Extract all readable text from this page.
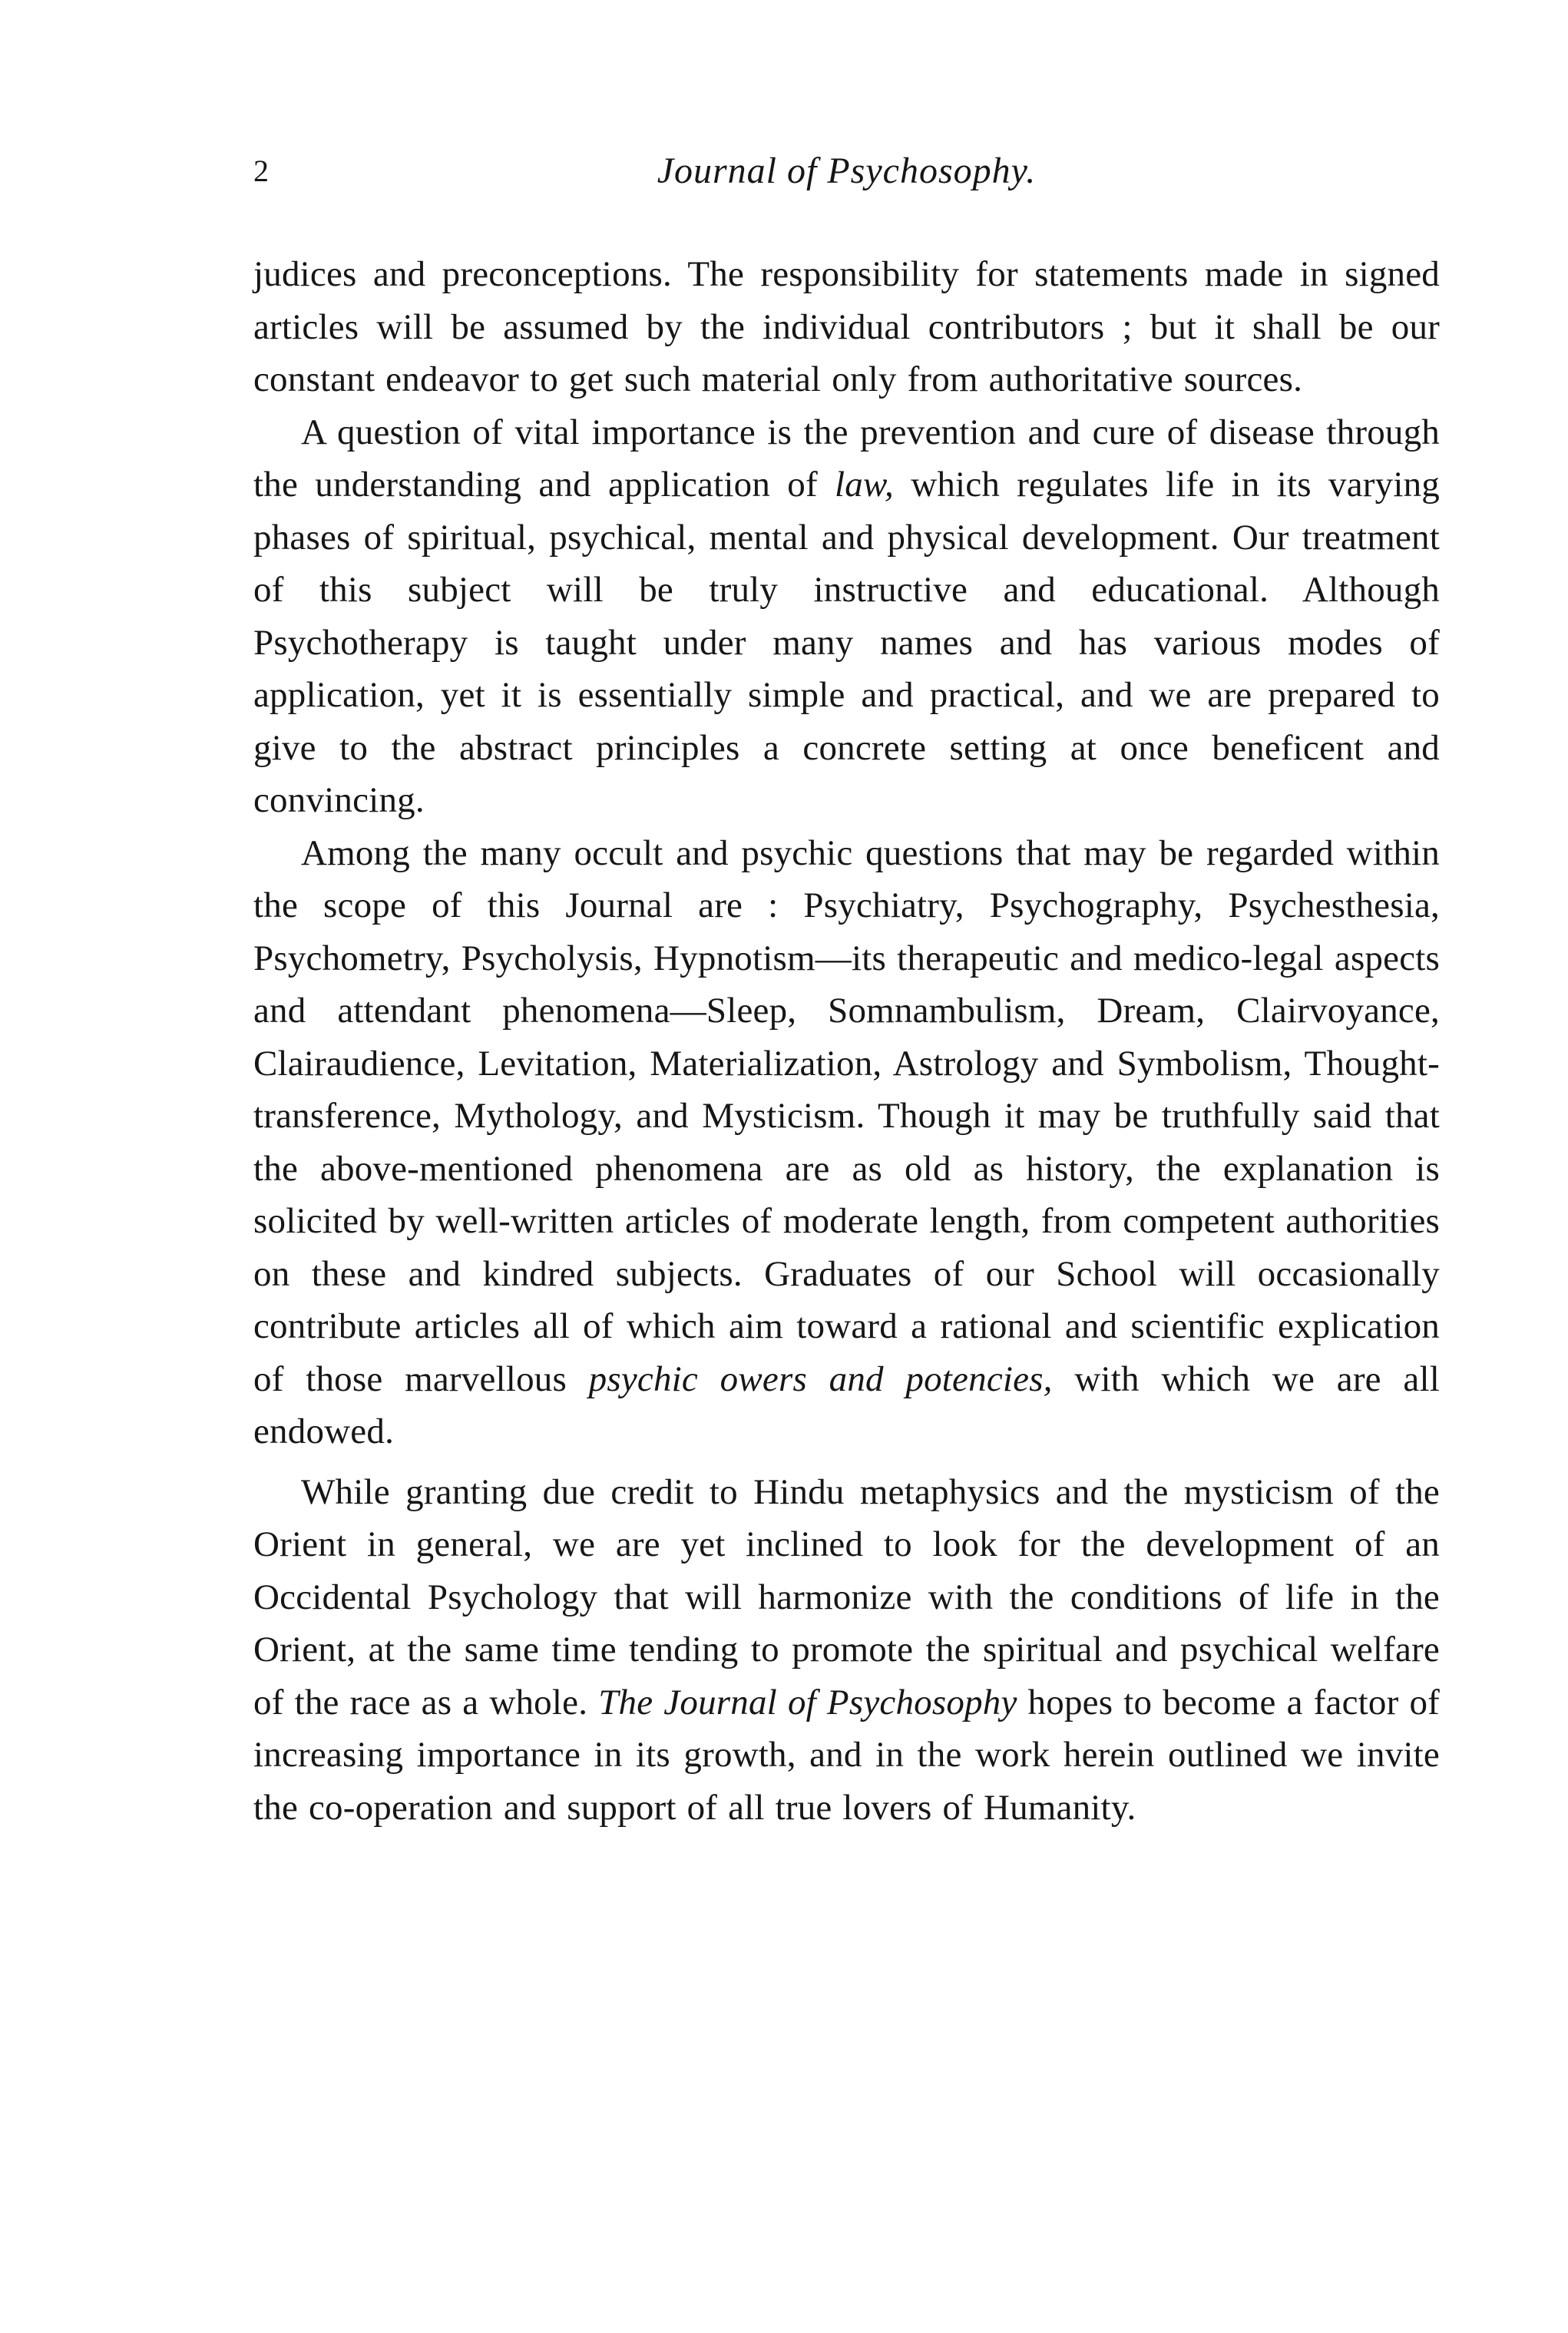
2	Journal of Psychosophy.

judices and preconceptions. The responsibility for statements made in signed articles will be assumed by the individual contributors ; but it shall be our constant endeavor to get such material only from authoritative sources.

A question of vital importance is the prevention and cure of disease through the understanding and application of law, which regulates life in its varying phases of spiritual, psychical, mental and physical development. Our treatment of this subject will be truly instructive and educational. Although Psychotherapy is taught under many names and has various modes of application, yet it is essentially simple and practical, and we are prepared to give to the abstract principles a concrete setting at once beneficent and convincing.

Among the many occult and psychic questions that may be regarded within the scope of this Journal are : Psychiatry, Psychography, Psychesthesia, Psychometry, Psycholysis, Hypnotism—its therapeutic and medico-legal aspects and attendant phenomena—Sleep, Somnambulism, Dream, Clairvoyance, Clairaudience, Levitation, Materialization, Astrology and Symbolism, Thought-transference, Mythology, and Mysticism. Though it may be truthfully said that the above-mentioned phenomena are as old as history, the explanation is solicited by well-written articles of moderate length, from competent authorities on these and kindred subjects. Graduates of our School will occasionally contribute articles all of which aim toward a rational and scientific explication of those marvellous psychic owers and potencies, with which we are all endowed.

While granting due credit to Hindu metaphysics and the mysticism of the Orient in general, we are yet inclined to look for the development of an Occidental Psychology that will harmonize with the conditions of life in the Orient, at the same time tending to promote the spiritual and psychical welfare of the race as a whole. The Journal of Psychosophy hopes to become a factor of increasing importance in its growth, and in the work herein outlined we invite the co-operation and support of all true lovers of Humanity.
